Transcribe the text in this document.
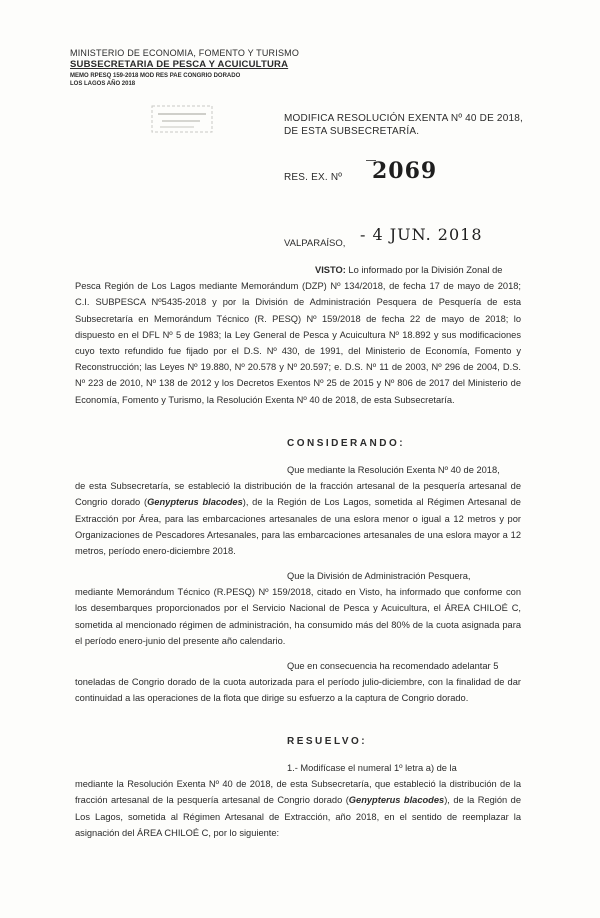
MINISTERIO DE ECONOMIA, FOMENTO Y TURISMO
SUBSECRETARIA DE PESCA Y ACUICULTURA
MEMO RPESQ 159-2018 MOD RES PAE CONGRIO DORADO
LOS LAGOS AÑO 2018
MODIFICA RESOLUCIÓN EXENTA Nº 40 DE 2018, DE ESTA SUBSECRETARÍA.
RES. EX. Nº 2069
VALPARAÍSO, - 4 JUN. 2018

VISTO: Lo informado por la División Zonal de
Pesca Región de Los Lagos mediante Memorándum (DZP) Nº 134/2018, de fecha 17 de mayo de 2018; C.I. SUBPESCA Nº5435-2018 y por la División de Administración Pesquera de Pesquería de esta Subsecretaría en Memorándum Técnico (R. PESQ) Nº 159/2018 de fecha 22 de mayo de 2018; lo dispuesto en el DFL Nº 5 de 1983; la Ley General de Pesca y Acuicultura Nº 18.892 y sus modificaciones cuyo texto refundido fue fijado por el D.S. Nº 430, de 1991, del Ministerio de Economía, Fomento y Reconstrucción; las Leyes Nº 19.880, Nº 20.578 y Nº 20.597; e. D.S. Nº 11 de 2003, Nº 296 de 2004, D.S. Nº 223 de 2010, Nº 138 de 2012 y los Decretos Exentos Nº 25 de 2015 y Nº 806 de 2017 del Ministerio de Economía, Fomento y Turismo, la Resolución Exenta Nº 40 de 2018, de esta Subsecretaría.

CONSIDERANDO:

Que mediante la Resolución Exenta Nº 40 de 2018,
de esta Subsecretaría, se estableció la distribución de la fracción artesanal de la pesquería artesanal de Congrio dorado (Genypterus blacodes), de la Región de Los Lagos, sometida al Régimen Artesanal de Extracción por Área, para las embarcaciones artesanales de una eslora menor o igual a 12 metros y por Organizaciones de Pescadores Artesanales, para las embarcaciones artesanales de una eslora mayor a 12 metros, período enero-diciembre 2018.

Que la División de Administración Pesquera,
mediante Memorándum Técnico (R.PESQ) Nº 159/2018, citado en Visto, ha informado que conforme con los desembarques proporcionados por el Servicio Nacional de Pesca y Acuicultura, el ÁREA CHILOÉ C, sometida al mencionado régimen de administración, ha consumido más del 80% de la cuota asignada para el período enero-junio del presente año calendario.

Que en consecuencia ha recomendado adelantar 5
toneladas de Congrio dorado de la cuota autorizada para el período julio-diciembre, con la finalidad de dar continuidad a las operaciones de la flota que dirige su esfuerzo a la captura de Congrio dorado.

RESUELVO:

1.- Modifícase el numeral 1º letra a) de la
mediante la Resolución Exenta Nº 40 de 2018, de esta Subsecretaría, que estableció la distribución de la fracción artesanal de la pesquería artesanal de Congrio dorado (Genypterus blacodes), de la Región de Los Lagos, sometida al Régimen Artesanal de Extracción, año 2018, en el sentido de reemplazar la asignación del ÁREA CHILOÉ C, por lo siguiente:
